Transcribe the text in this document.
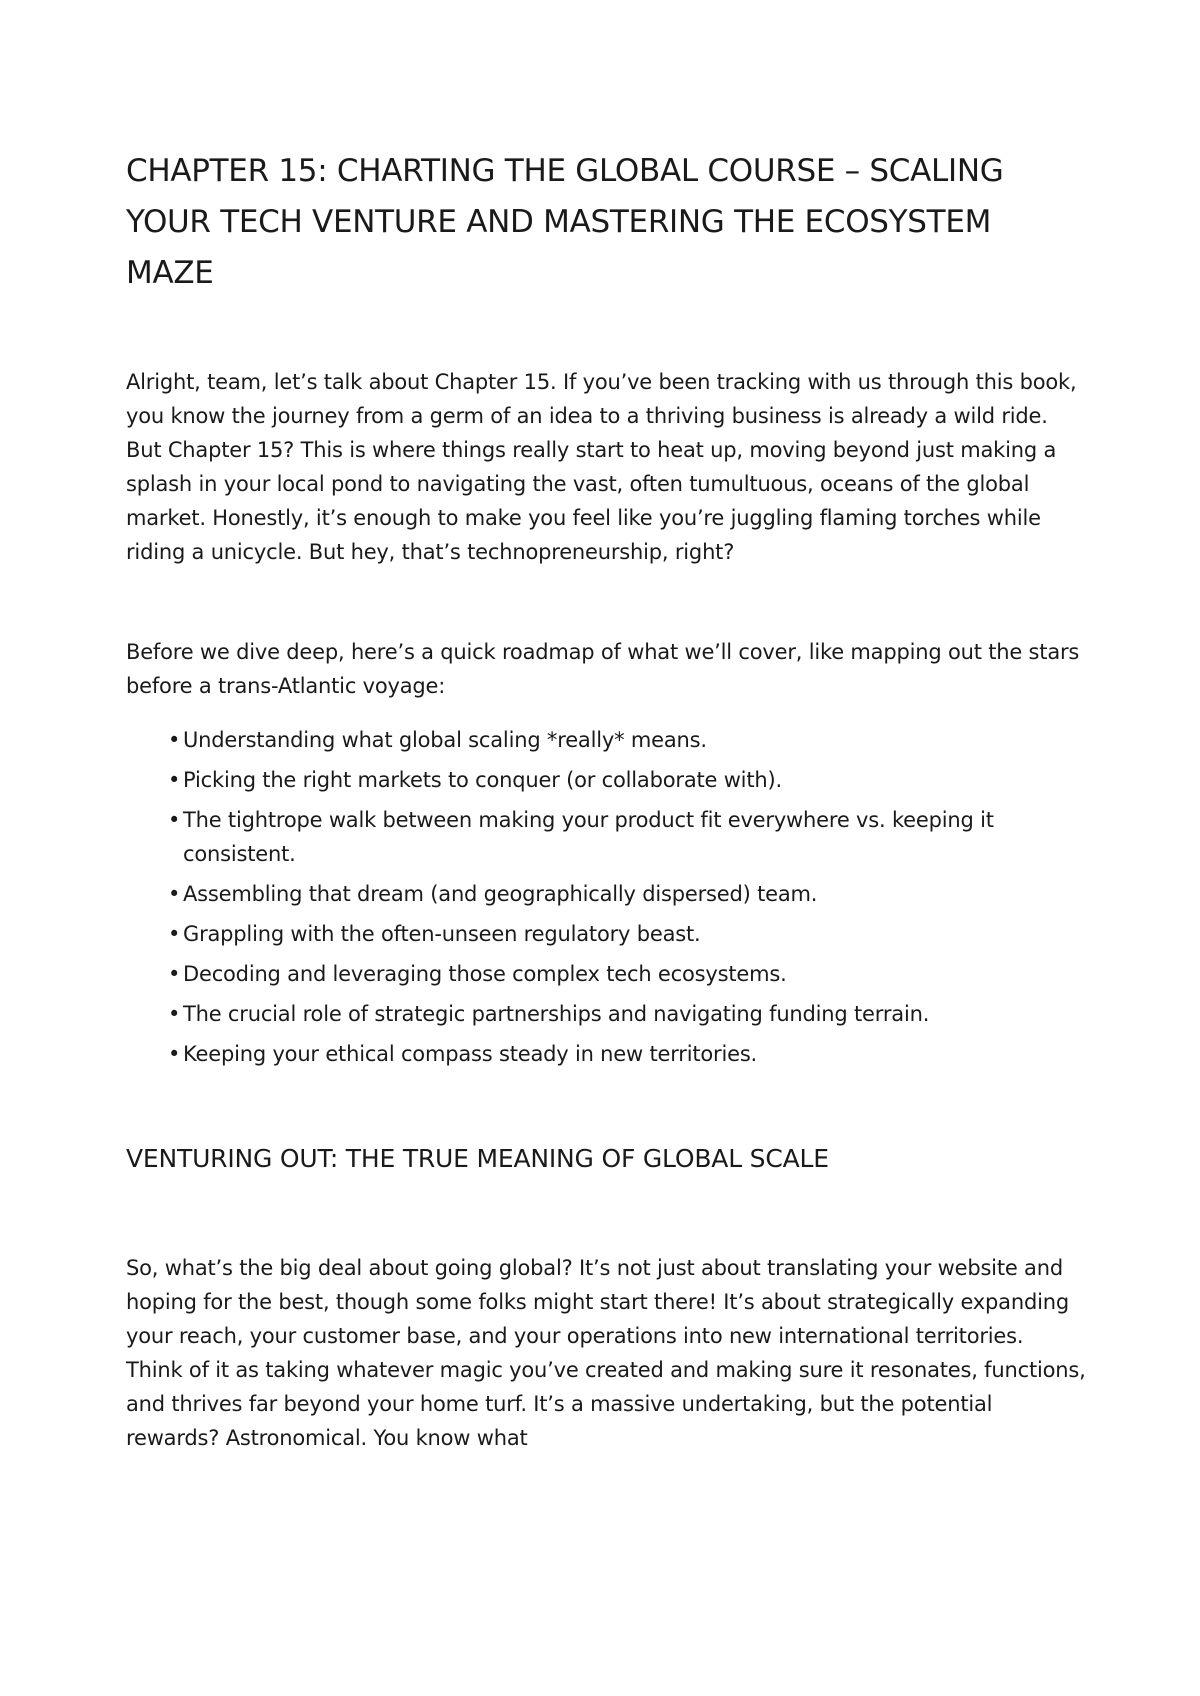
CHAPTER 15: CHARTING THE GLOBAL COURSE – SCALING YOUR TECH VENTURE AND MASTERING THE ECOSYSTEM MAZE

Alright, team, let’s talk about Chapter 15. If you’ve been tracking with us through this book, you know the journey from a germ of an idea to a thriving business is already a wild ride. But Chapter 15? This is where things really start to heat up, moving beyond just making a splash in your local pond to navigating the vast, often tumultuous, oceans of the global market. Honestly, it’s enough to make you feel like you’re juggling flaming torches while riding a unicycle. But hey, that’s technopreneurship, right?

Before we dive deep, here’s a quick roadmap of what we’ll cover, like mapping out the stars before a trans-Atlantic voyage:

• Understanding what global scaling *really* means.
• Picking the right markets to conquer (or collaborate with).
• The tightrope walk between making your product fit everywhere vs. keeping it consistent.
• Assembling that dream (and geographically dispersed) team.
• Grappling with the often-unseen regulatory beast.
• Decoding and leveraging those complex tech ecosystems.
• The crucial role of strategic partnerships and navigating funding terrain.
• Keeping your ethical compass steady in new territories.
VENTURING OUT: THE TRUE MEANING OF GLOBAL SCALE

So, what’s the big deal about going global? It’s not just about translating your website and hoping for the best, though some folks might start there! It’s about strategically expanding your reach, your customer base, and your operations into new international territories. Think of it as taking whatever magic you’ve created and making sure it resonates, functions, and thrives far beyond your home turf. It’s a massive undertaking, but the potential rewards? Astronomical. You know what
